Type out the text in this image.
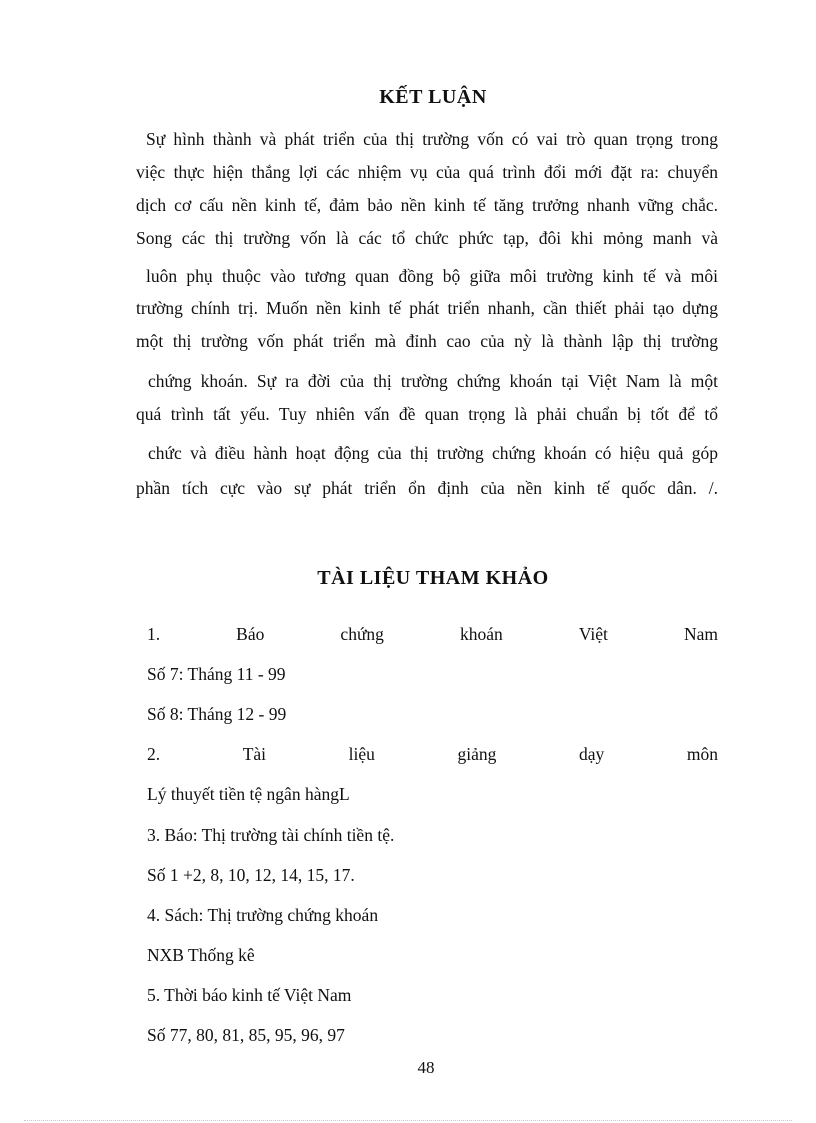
KẾT LUẬN
Sự hình thành và phát triển của thị trường vốn có vai trò quan trọng trong
việc thực hiện thắng lợi các nhiệm vụ của quá trình đổi mới đặt ra: chuyển
dịch cơ cấu nền kinh tế, đảm bảo nền kinh tế tăng trưởng nhanh vững chắc.
Song các thị trường vốn là các tổ chức phức tạp, đôi khi mỏng manh và
luôn phụ thuộc vào tương quan đồng bộ giữa môi trường kinh tế và môi
trường chính trị. Muốn nền kinh tế phát triển nhanh, cần thiết phải tạo dựng
một thị trường vốn phát triển mà đỉnh cao của nỳ là thành lập thị trường
chứng khoán. Sự ra đời của thị trường chứng khoán tại Việt Nam là một
quá trình tất yếu. Tuy nhiên vấn đề quan trọng là phải chuẩn bị tốt để tổ
chức và điều hành hoạt động của thị trường chứng khoán có hiệu quả góp
phần tích cực vào sự phát triển ổn định của nền kinh tế quốc dân. /.
TÀI LIỆU THAM KHẢO
1.	Báo	chứng	khoán	Việt	Nam
Số 7: Tháng 11 - 99
Số 8: Tháng 12 - 99
2.	Tài	liệu	giảng	dạy	môn
Lý thuyết tiền tệ ngân hàngL
3. Báo: Thị trường tài chính tiền tệ.
Số 1 +2, 8, 10, 12, 14, 15, 17.
4. Sách: Thị trường chứng khoán
NXB Thống kê
5. Thời báo kinh tế Việt Nam
Số 77, 80, 81, 85, 95, 96, 97
48
